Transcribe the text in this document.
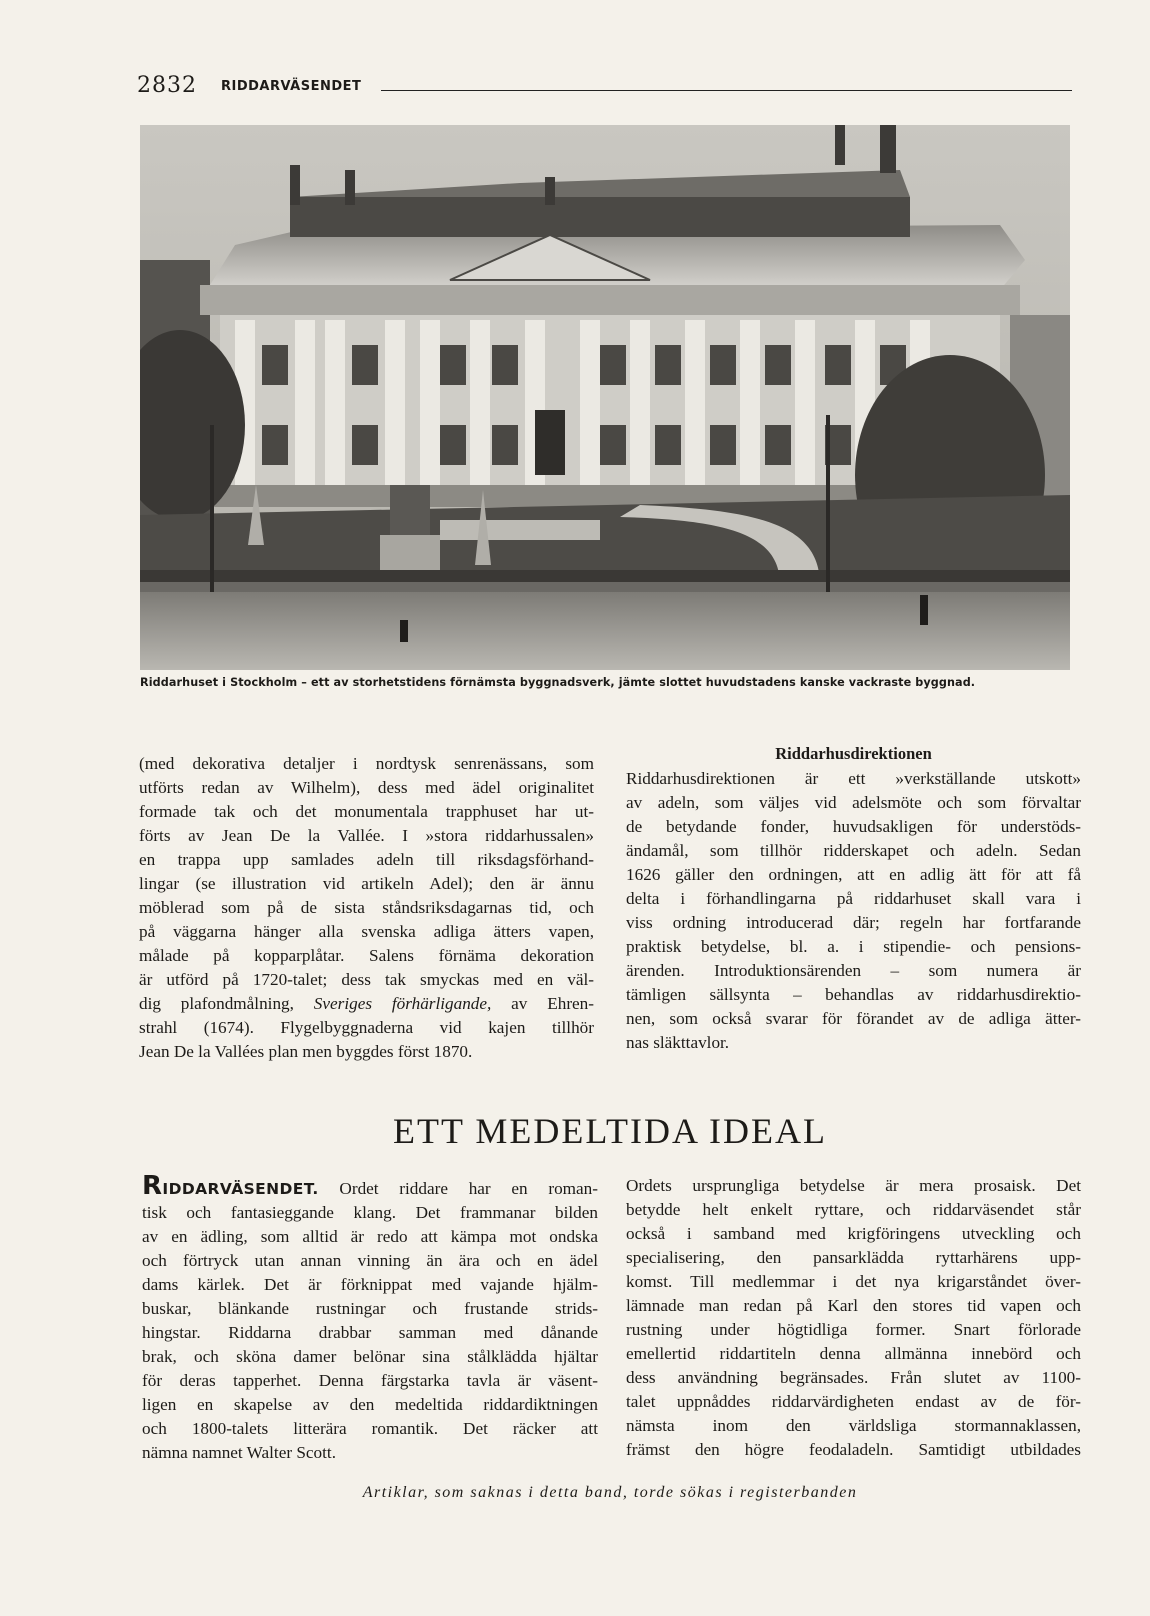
2832 RIDDARVÄSENDET
Riddarhuset i Stockholm – ett av storhetstidens förnämsta byggnadsverk, jämte slottet huvudstadens kanske vackraste byggnad.
(med dekorativa detaljer i nordtysk senrenässans, som
utförts redan av Wilhelm), dess med ädel originalitet
formade tak och det monumentala trapphuset har ut-
förts av Jean De la Vallée. I »stora riddarhussalen»
en trappa upp samlades adeln till riksdagsförhand-
lingar (se illustration vid artikeln Adel); den är ännu
möblerad som på de sista ståndsriksdagarnas tid, och
på väggarna hänger alla svenska adliga ätters vapen,
målade på kopparplåtar. Salens förnäma dekoration
är utförd på 1720-talet; dess tak smyckas med en väl-
dig plafondmålning, Sveriges förhärligande, av Ehren-
strahl (1674). Flygelbyggnaderna vid kajen tillhör
Jean De la Vallées plan men byggdes först 1870.
Riddarhusdirektionen
Riddarhusdirektionen är ett »verkställande utskott»
av adeln, som väljes vid adelsmöte och som förvaltar
de betydande fonder, huvudsakligen för understöds-
ändamål, som tillhör ridderskapet och adeln. Sedan
1626 gäller den ordningen, att en adlig ätt för att få
delta i förhandlingarna på riddarhuset skall vara i
viss ordning introducerad där; regeln har fortfarande
praktisk betydelse, bl. a. i stipendie- och pensions-
ärenden. Introduktionsärenden – som numera är
tämligen sällsynta – behandlas av riddarhusdirektio-
nen, som också svarar för förandet av de adliga ätter-
nas släkttavlor.
ETT MEDELTIDA IDEAL
RIDDARVÄSENDET. Ordet riddare har en roman-
tisk och fantasieggande klang. Det frammanar bilden
av en ädling, som alltid är redo att kämpa mot ondska
och förtryck utan annan vinning än ära och en ädel
dams kärlek. Det är förknippat med vajande hjälm-
buskar, blänkande rustningar och frustande strids-
hingstar. Riddarna drabbar samman med dånande
brak, och sköna damer belönar sina stålklädda hjältar
för deras tapperhet. Denna färgstarka tavla är väsent-
ligen en skapelse av den medeltida riddardiktningen
och 1800-talets litterära romantik. Det räcker att
nämna namnet Walter Scott.
Ordets ursprungliga betydelse är mera prosaisk. Det
betydde helt enkelt ryttare, och riddarväsendet står
också i samband med krigföringens utveckling och
specialisering, den pansarklädda ryttarhärens upp-
komst. Till medlemmar i det nya krigarståndet över-
lämnade man redan på Karl den stores tid vapen och
rustning under högtidliga former. Snart förlorade
emellertid riddartiteln denna allmänna innebörd och
dess användning begränsades. Från slutet av 1100-
talet uppnåddes riddarvärdigheten endast av de för-
nämsta inom den världsliga stormannaklassen,
främst den högre feodaladeln. Samtidigt utbildades
Artiklar, som saknas i detta band, torde sökas i registerbanden
